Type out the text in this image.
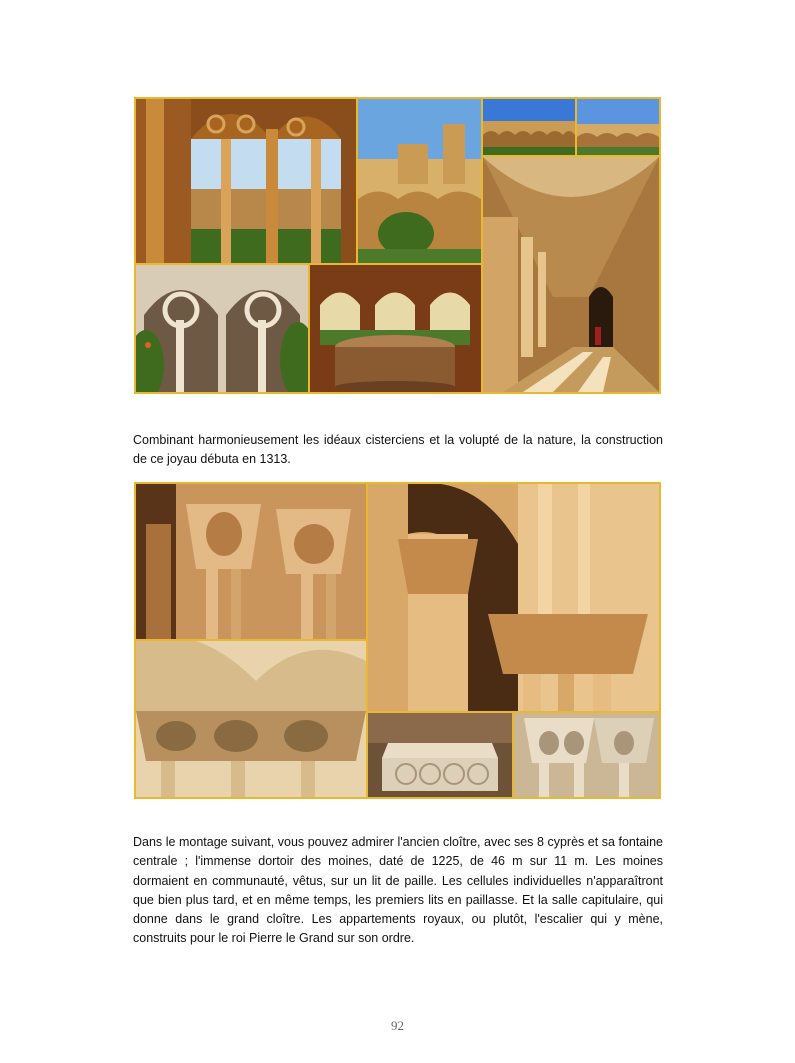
Combinant harmonieusement les idéaux cisterciens et la volupté de la nature, la construction de ce joyau débuta en 1313.
Dans le montage suivant, vous pouvez admirer l'ancien cloître, avec ses 8 cyprès et sa fontaine centrale ; l'immense dortoir des moines, daté de 1225, de 46 m sur 11 m. Les moines dormaient en communauté, vêtus, sur un lit de paille. Les cellules individuelles n'apparaîtront que bien plus tard, et en même temps, les premiers lits en paillasse. Et la salle capitulaire, qui donne dans le grand cloître. Les appartements royaux, ou plutôt, l'escalier qui y mène, construits pour le roi Pierre le Grand sur son ordre.
92
